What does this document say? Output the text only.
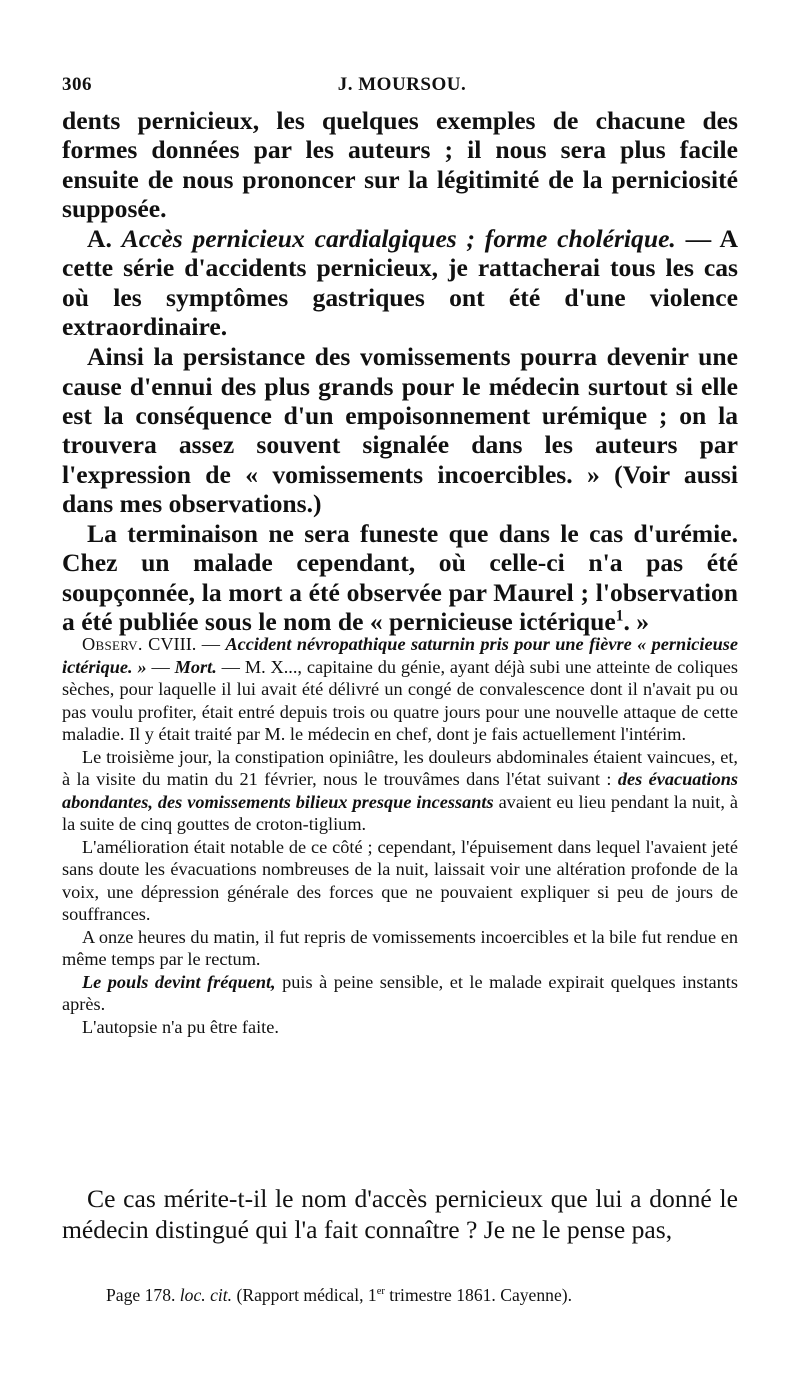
306	J. MOURSOU.

dents pernicieux, les quelques exemples de chacune des formes données par les auteurs ; il nous sera plus facile ensuite de nous prononcer sur la légitimité de la perniciosité supposée.

A. Accès pernicieux cardialgiques ; forme cholérique. — A cette série d'accidents pernicieux, je rattacherai tous les cas où les symptômes gastriques ont été d'une violence extraordinaire.

Ainsi la persistance des vomissements pourra devenir une cause d'ennui des plus grands pour le médecin surtout si elle est la conséquence d'un empoisonnement urémique ; on la trouvera assez souvent signalée dans les auteurs par l'expression de « vomissements incoercibles. » (Voir aussi dans mes observations.)

La terminaison ne sera funeste que dans le cas d'urémie. Chez un malade cependant, où celle-ci n'a pas été soupçonnée, la mort a été observée par Maurel ; l'observation a été publiée sous le nom de « pernicieuse ictérique$^1$. »

Observ. CVIII. — Accident névropathique saturnin pris pour une fièvre « pernicieuse ictérique. » — Mort. — M. X..., capitaine du génie, ayant déjà subi une atteinte de coliques sèches, pour laquelle il lui avait été délivré un congé de convalescence dont il n'avait pu ou pas voulu profiter, était entré depuis trois ou quatre jours pour une nouvelle attaque de cette maladie. Il y était traité par M. le médecin en chef, dont je fais actuellement l'intérim.

Le troisième jour, la constipation opiniâtre, les douleurs abdominales étaient vaincues, et, à la visite du matin du 21 février, nous le trouvâmes dans l'état suivant : des évacuations abondantes, des vomissements bilieux presque incessants avaient eu lieu pendant la nuit, à la suite de cinq gouttes de croton-tiglium.

L'amélioration était notable de ce côté ; cependant, l'épuisement dans lequel l'avaient jeté sans doute les évacuations nombreuses de la nuit, laissait voir une altération profonde de la voix, une dépression générale des forces que ne pouvaient expliquer si peu de jours de souffrances.

A onze heures du matin, il fut repris de vomissements incoercibles et la bile fut rendue en même temps par le rectum.

Le pouls devint fréquent, puis à peine sensible, et le malade expirait quelques instants après.

L'autopsie n'a pu être faite.

Ce cas mérite-t-il le nom d'accès pernicieux que lui a donné le médecin distingué qui l'a fait connaître ? Je ne le pense pas,

Page 178. loc. cit. (Rapport médical, 1er trimestre 1861. Cayenne).
